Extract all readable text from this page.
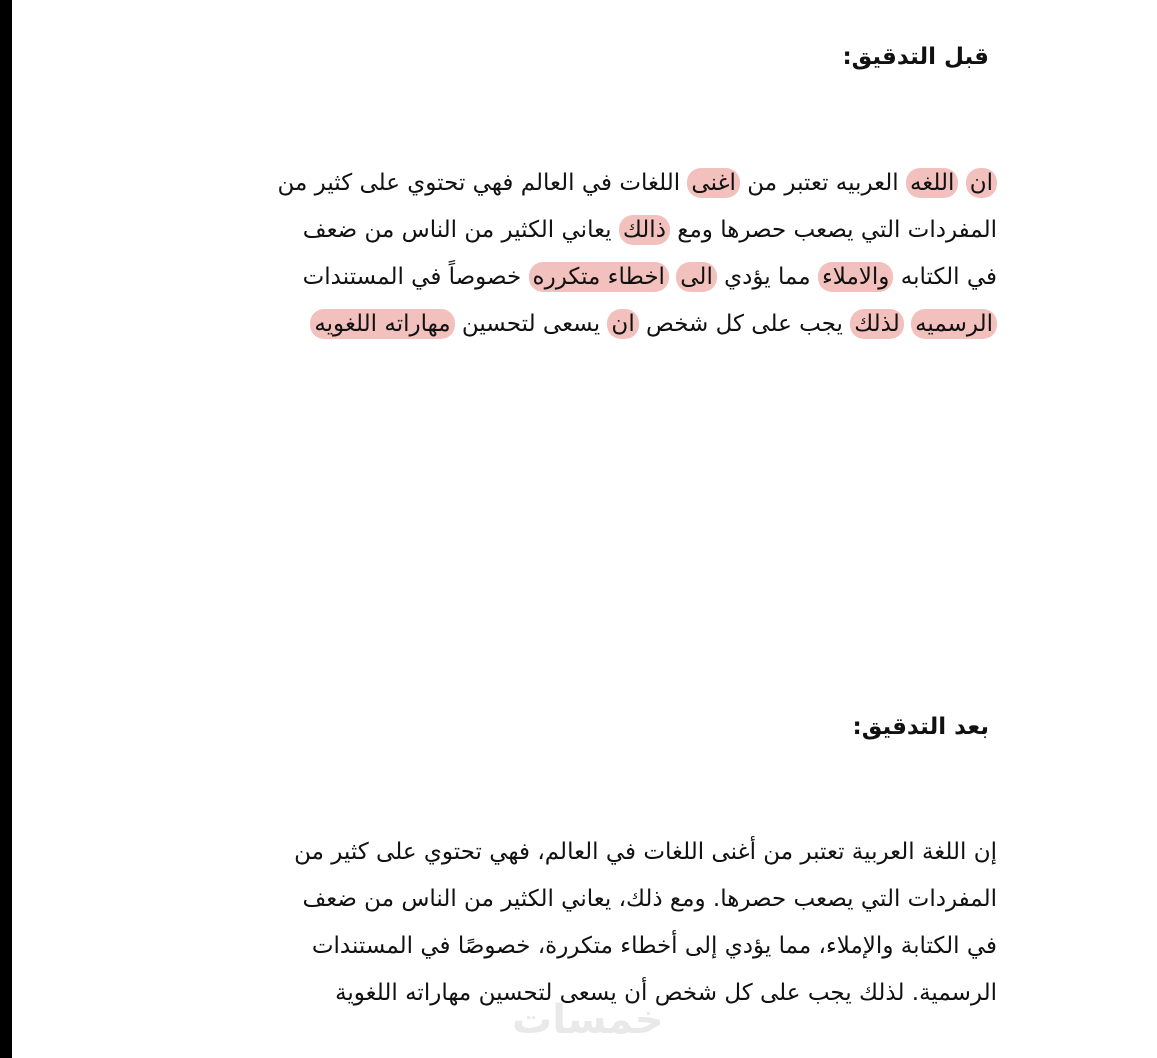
قبل التدقيق:
ان اللغه العربيه تعتبر من اغنى اللغات في العالم فهي تحتوي على كثير من
المفردات التي يصعب حصرها ومع ذالك يعاني الكثير من الناس من ضعف
في الكتابه والاملاء مما يؤدي الى اخطاء متكرره خصوصاً في المستندات
الرسميه لذلك يجب على كل شخص ان يسعى لتحسين مهاراته اللغويه
بعد التدقيق:
إن اللغة العربية تعتبر من أغنى اللغات في العالم، فهي تحتوي على كثير من
المفردات التي يصعب حصرها. ومع ذلك، يعاني الكثير من الناس من ضعف
في الكتابة والإملاء، مما يؤدي إلى أخطاء متكررة، خصوصًا في المستندات
الرسمية. لذلك يجب على كل شخص أن يسعى لتحسين مهاراته اللغوية
خمسات
